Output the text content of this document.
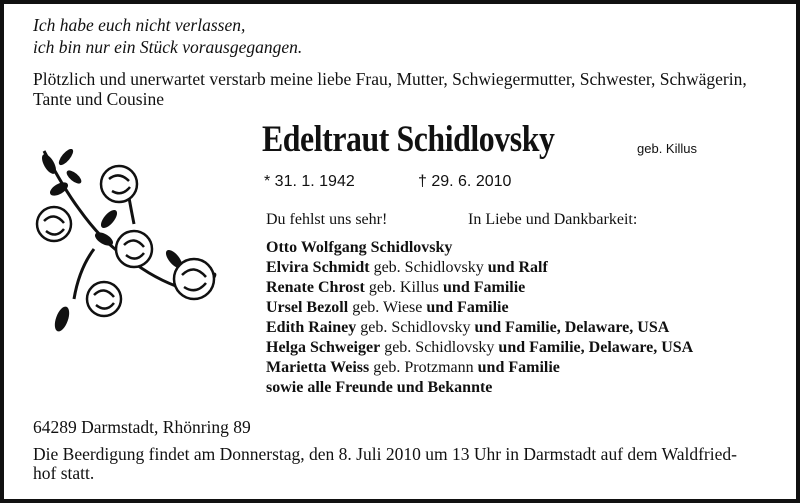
Ich habe euch nicht verlassen,
ich bin nur ein Stück vorausgegangen.
Plötzlich und unerwartet verstarb meine liebe Frau, Mutter, Schwiegermutter, Schwester, Schwägerin,
Tante und Cousine
Edeltraut Schidlovsky	geb. Killus
* 31. 1. 1942	† 29. 6. 2010
Du fehlst uns sehr!	In Liebe und Dankbarkeit:
Otto Wolfgang Schidlovsky
Elvira Schmidt geb. Schidlovsky und Ralf
Renate Chrost geb. Killus und Familie
Ursel Bezoll geb. Wiese und Familie
Edith Rainey geb. Schidlovsky und Familie, Delaware, USA
Helga Schweiger geb. Schidlovsky und Familie, Delaware, USA
Marietta Weiss geb. Protzmann und Familie
sowie alle Freunde und Bekannte
64289 Darmstadt, Rhönring 89
Die Beerdigung findet am Donnerstag, den 8. Juli 2010 um 13 Uhr in Darmstadt auf dem Waldfried-
hof statt.
